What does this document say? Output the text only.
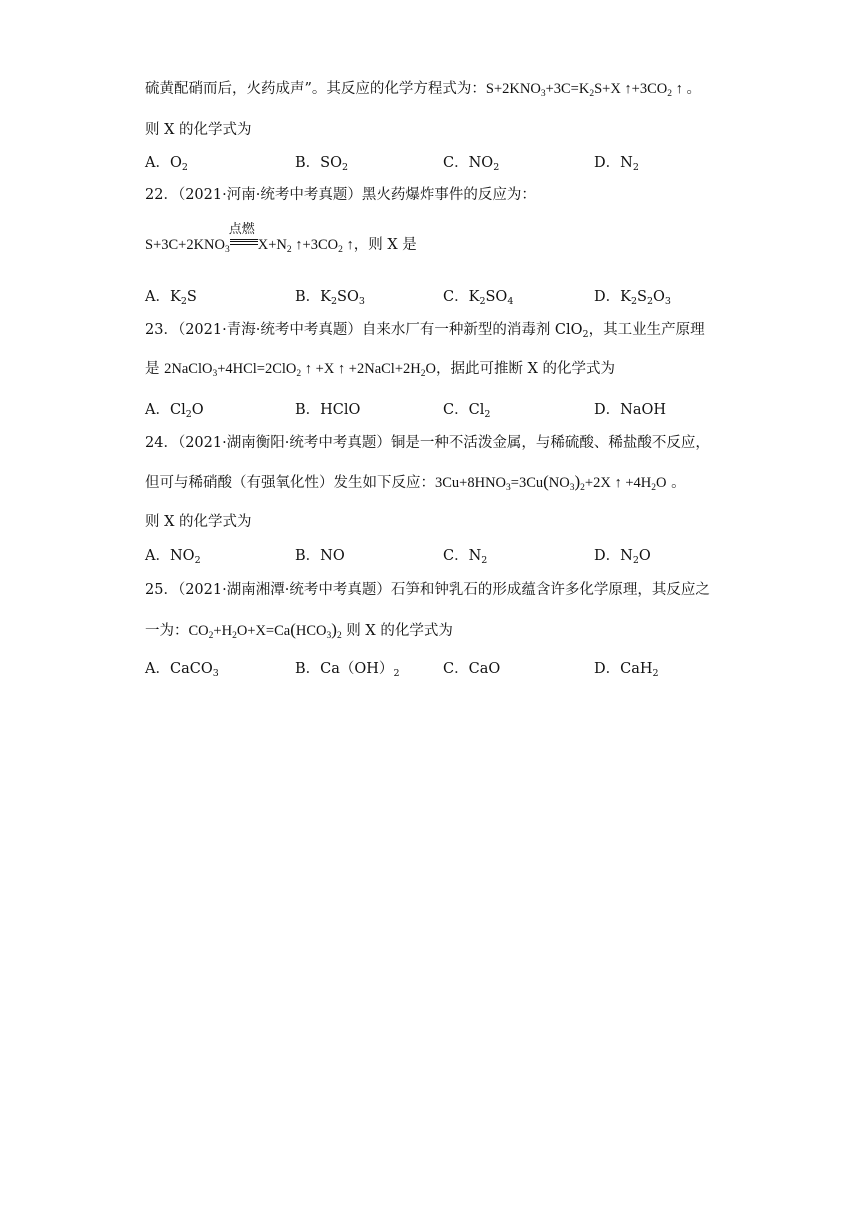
硫黄配硝而后，火药成声”。其反应的化学方程式为：$S+2KNO_3+3C=K_2S+X$ $↑+3CO_2$ ↑ 。
则 X 的化学式为
A．$O_2$	B．$SO_2$	C．$NO_2$	D．$N_2$
22．（2021·河南·统考中考真题）黑火药爆炸事件的反应为：
$S+3C+2KNO_3$
点燃
$X+N_2$ $↑+3CO_2$ ↑，则 X 是
A．$K_2S$	B．$K_2SO_3$	C．$K_2SO_4$	D．$K_2S_2O_3$
23．（2021·青海·统考中考真题）自来水厂有一种新型的消毒剂 ClO$_2$，其工业生产原理
是 2NaClO$_3$+4HCl=2ClO$_2$ ↑ +X ↑ $+2NaCl+2H_2O$，据此可推断 X 的化学式为
A．$Cl_2O$	B．HClO	C．$Cl_2$	D．NaOH
24．（2021·湖南衡阳·统考中考真题）铜是一种不活泼金属，与稀硫酸、稀盐酸不反应，
但可与稀硝酸（有强氧化性）发生如下反应：$3Cu+8HNO_3=3Cu(NO_3)_2+2X$ ↑ $+4H_2O$ 。
则 X 的化学式为
A．$NO_2$	B．NO	C．$N_2$	D．$N_2O$
25．（2021·湖南湘潭·统考中考真题）石笋和钟乳石的形成蕴含许多化学原理，其反应之
一为：$CO_2+H_2O+X=Ca(HCO_3)_2$ 则 X 的化学式为
A．CaCO$_3$	B．$Ca(OH)_2$	C．CaO	D．CaH$_2$
